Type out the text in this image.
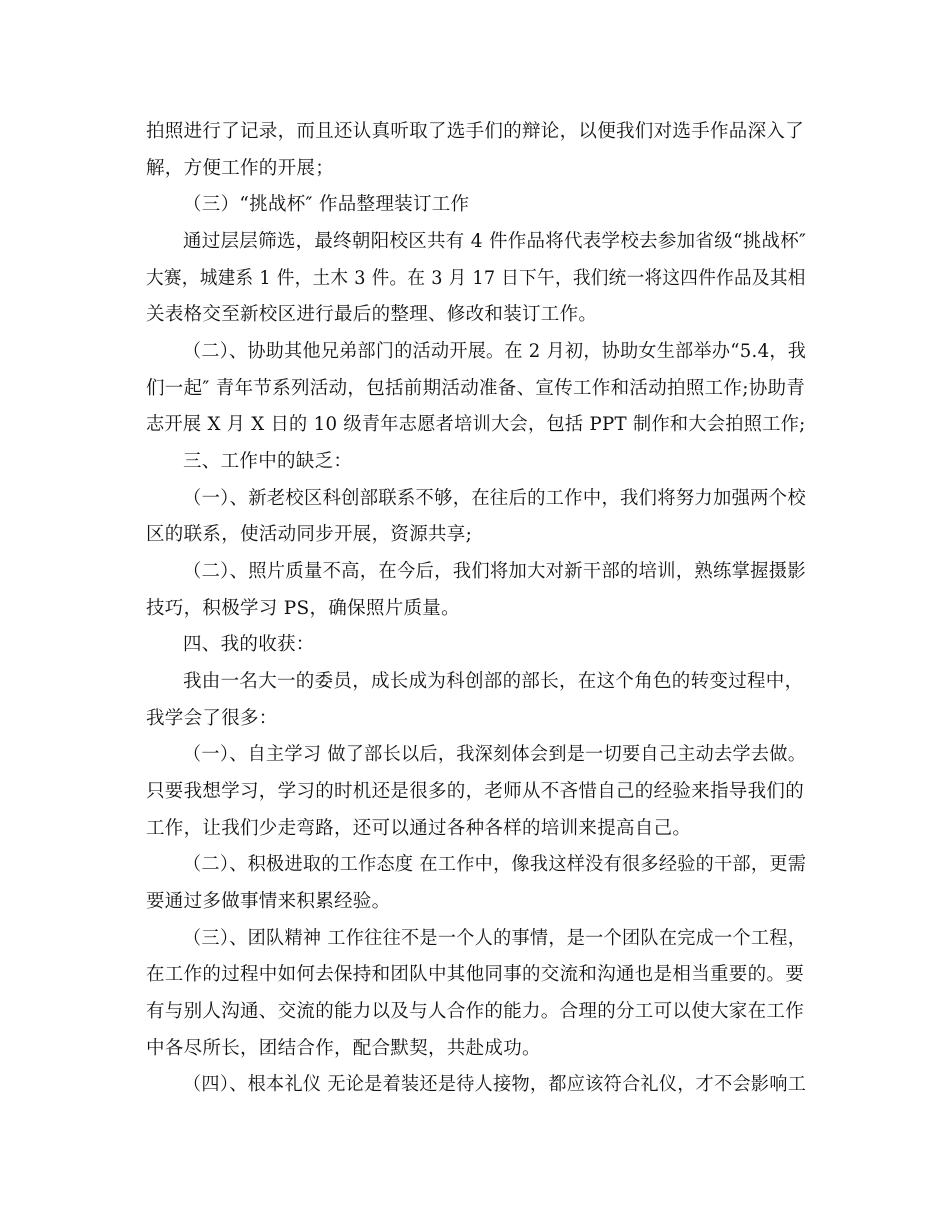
拍照进行了记录，而且还认真听取了选手们的辩论，以便我们对选手作品深入了
解，方便工作的开展；
（三）“挑战杯″ 作品整理装订工作
通过层层筛选，最终朝阳校区共有 4 件作品将代表学校去参加省级“挑战杯″
大赛，城建系 1 件，土木 3 件。在 3 月 17 日下午，我们统一将这四件作品及其相
关表格交至新校区进行最后的整理、修改和装订工作。
（二）、协助其他兄弟部门的活动开展。在 2 月初，协助女生部举办“5.4，我
们一起″ 青年节系列活动，包括前期活动准备、宣传工作和活动拍照工作;协助青
志开展 X 月 X 日的 10 级青年志愿者培训大会，包括 PPT 制作和大会拍照工作;
三、工作中的缺乏：
（一）、新老校区科创部联系不够，在往后的工作中，我们将努力加强两个校
区的联系，使活动同步开展，资源共享;
（二）、照片质量不高，在今后，我们将加大对新干部的培训，熟练掌握摄影
技巧，积极学习 PS，确保照片质量。
四、我的收获：
我由一名大一的委员，成长成为科创部的部长，在这个角色的转变过程中，
我学会了很多：
（一）、自主学习 做了部长以后，我深刻体会到是一切要自己主动去学去做。
只要我想学习，学习的时机还是很多的，老师从不吝惜自己的经验来指导我们的
工作，让我们少走弯路，还可以通过各种各样的培训来提高自己。
（二）、积极进取的工作态度 在工作中，像我这样没有很多经验的干部，更需
要通过多做事情来积累经验。
（三）、团队精神 工作往往不是一个人的事情，是一个团队在完成一个工程，
在工作的过程中如何去保持和团队中其他同事的交流和沟通也是相当重要的。要
有与别人沟通、交流的能力以及与人合作的能力。合理的分工可以使大家在工作
中各尽所长，团结合作，配合默契，共赴成功。
（四）、根本礼仪 无论是着装还是待人接物，都应该符合礼仪，才不会影响工
